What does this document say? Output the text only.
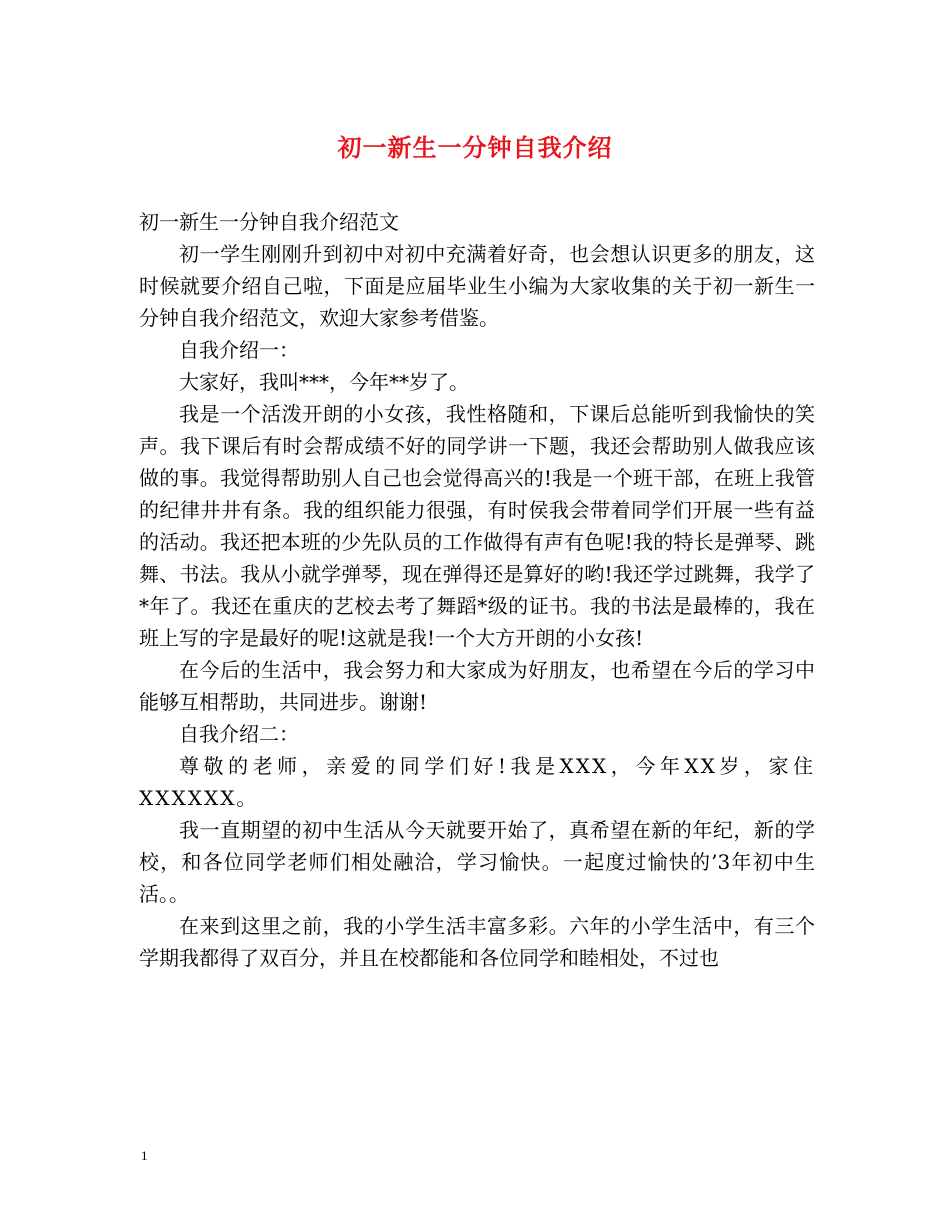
初一新生一分钟自我介绍

初一新生一分钟自我介绍范文

初一学生刚刚升到初中对初中充满着好奇，也会想认识更多的朋友，这时候就要介绍自己啦，下面是应届毕业生小编为大家收集的关于初一新生一分钟自我介绍范文，欢迎大家参考借鉴。

自我介绍一：

大家好，我叫***，今年**岁了。

我是一个活泼开朗的小女孩，我性格随和，下课后总能听到我愉快的笑声。我下课后有时会帮成绩不好的同学讲一下题，我还会帮助别人做我应该做的事。我觉得帮助别人自己也会觉得高兴的!我是一个班干部，在班上我管的纪律井井有条。我的组织能力很强，有时侯我会带着同学们开展一些有益的活动。我还把本班的少先队员的工作做得有声有色呢!我的特长是弹琴、跳舞、书法。我从小就学弹琴，现在弹得还是算好的哟!我还学过跳舞，我学了*年了。我还在重庆的艺校去考了舞蹈*级的证书。我的书法是最棒的，我在班上写的字是最好的呢!这就是我!一个大方开朗的小女孩!

在今后的生活中，我会努力和大家成为好朋友，也希望在今后的学习中能够互相帮助，共同进步。谢谢!

自我介绍二：

尊敬的老师，亲爱的同学们好!我是XXX，今年XX岁，家住XXXXXX。

我一直期望的初中生活从今天就要开始了，真希望在新的年纪，新的学校，和各位同学老师们相处融洽，学习愉快。一起度过愉快的’3年初中生活。。

在来到这里之前，我的小学生活丰富多彩。六年的小学生活中，有三个学期我都得了双百分，并且在校都能和各位同学和睦相处，不过也

1
